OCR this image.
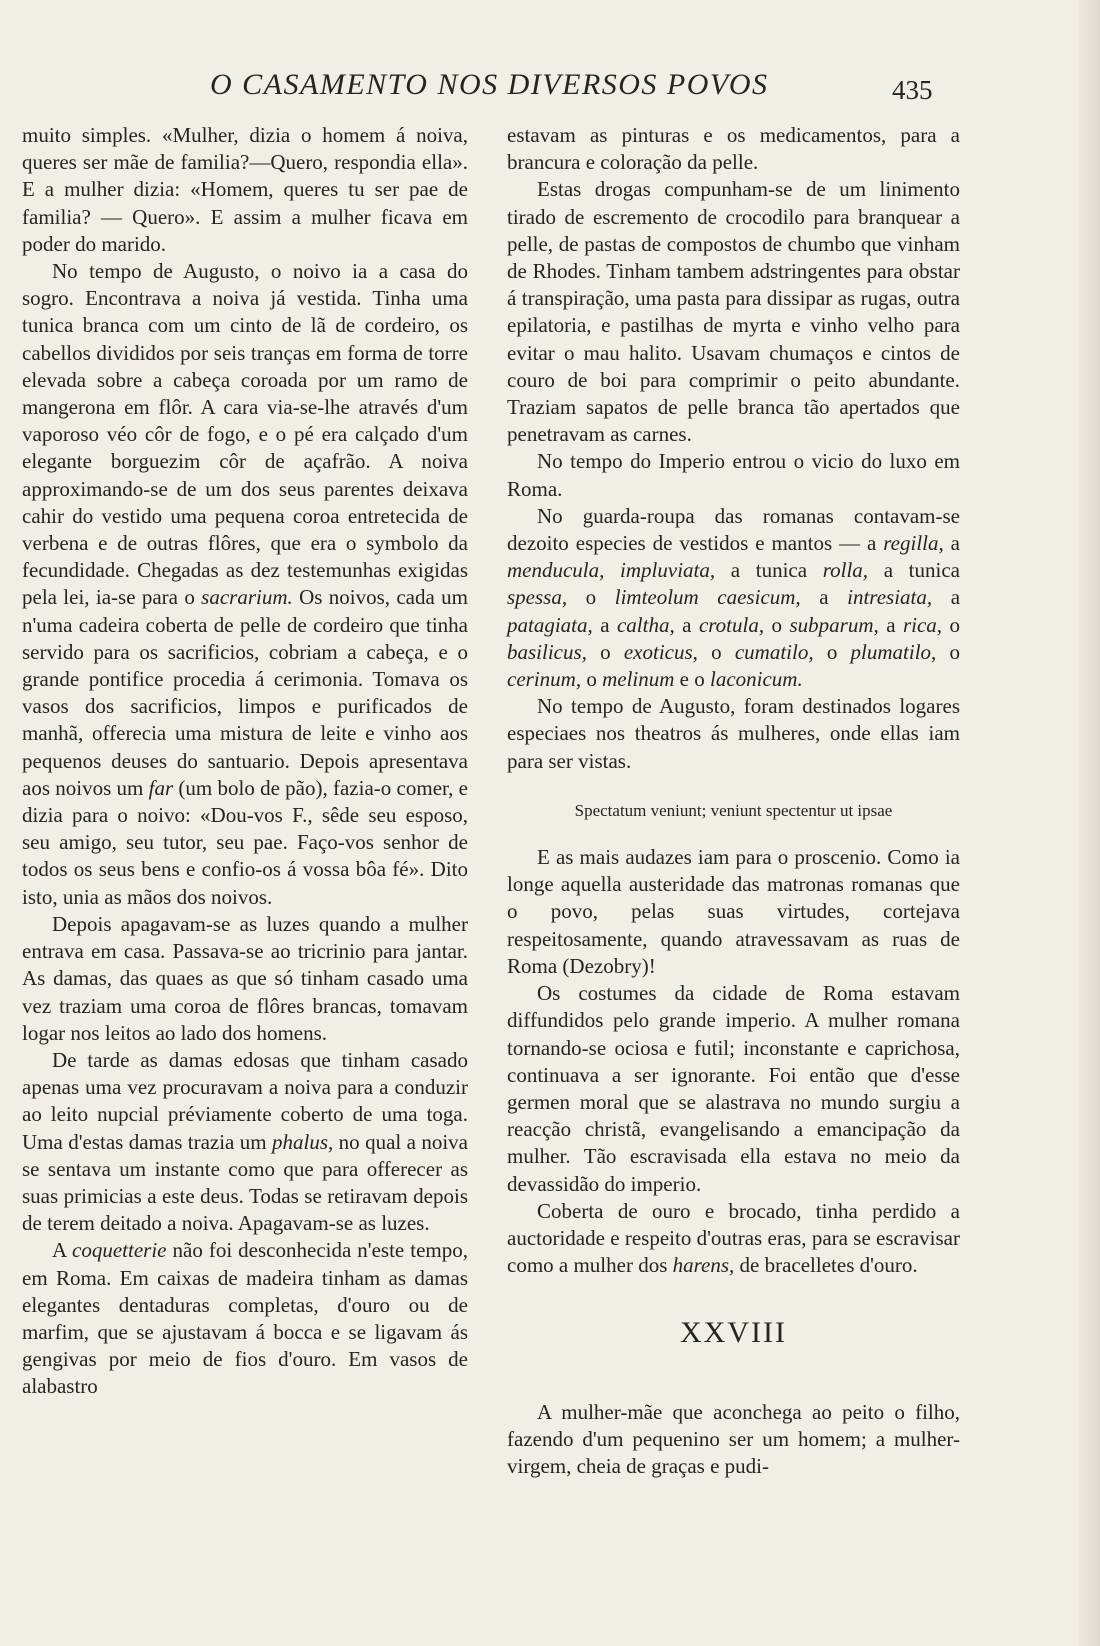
O CASAMENTO NOS DIVERSOS POVOS	435

muito simples. «Mulher, dizia o homem á noiva, queres ser mãe de familia?—Quero, respondia ella». E a mulher dizia: «Homem, queres tu ser pae de familia? — Quero». E assim a mulher ficava em poder do marido.

No tempo de Augusto, o noivo ia a casa do sogro. Encontrava a noiva já vestida. Tinha uma tunica branca com um cinto de lã de cordeiro, os cabellos divididos por seis tranças em forma de torre elevada sobre a cabeça coroada por um ramo de mangerona em flôr. A cara via-se-lhe através d'um vaporoso véo côr de fogo, e o pé era calçado d'um elegante borguezim côr de açafrão. A noiva approximando-se de um dos seus parentes deixava cahir do vestido uma pequena coroa entretecida de verbena e de outras flôres, que era o symbolo da fecundidade. Chegadas as dez testemunhas exigidas pela lei, ia-se para o sacrarium. Os noivos, cada um n'uma cadeira coberta de pelle de cordeiro que tinha servido para os sacrificios, cobriam a cabeça, e o grande pontifice procedia á cerimonia. Tomava os vasos dos sacrificios, limpos e purificados de manhã, offerecia uma mistura de leite e vinho aos pequenos deuses do santuario. Depois apresentava aos noivos um far (um bolo de pão), fazia-o comer, e dizia para o noivo: «Dou-vos F., sêde seu esposo, seu amigo, seu tutor, seu pae. Faço-vos senhor de todos os seus bens e confio-os á vossa bôa fé». Dito isto, unia as mãos dos noivos.

Depois apagavam-se as luzes quando a mulher entrava em casa. Passava-se ao tricrinio para jantar. As damas, das quaes as que só tinham casado uma vez traziam uma coroa de flôres brancas, tomavam logar nos leitos ao lado dos homens.

De tarde as damas edosas que tinham casado apenas uma vez procuravam a noiva para a conduzir ao leito nupcial préviamente coberto de uma toga. Uma d'estas damas trazia um phalus, no qual a noiva se sentava um instante como que para offerecer as suas primicias a este deus. Todas se retiravam depois de terem deitado a noiva. Apagavam-se as luzes.

A coquetterie não foi desconhecida n'este tempo, em Roma. Em caixas de madeira tinham as damas elegantes dentaduras completas, d'ouro ou de marfim, que se ajustavam á bocca e se ligavam ás gengivas por meio de fios d'ouro. Em vasos de alabastro

estavam as pinturas e os medicamentos, para a brancura e coloração da pelle.

Estas drogas compunham-se de um linimento tirado de escremento de crocodilo para branquear a pelle, de pastas de compostos de chumbo que vinham de Rhodes. Tinham tambem adstringentes para obstar á transpiração, uma pasta para dissipar as rugas, outra epilatoria, e pastilhas de myrta e vinho velho para evitar o mau halito. Usavam chumaços e cintos de couro de boi para comprimir o peito abundante. Traziam sapatos de pelle branca tão apertados que penetravam as carnes.

No tempo do Imperio entrou o vicio do luxo em Roma.

No guarda-roupa das romanas contavam-se dezoito especies de vestidos e mantos — a regilla, a menducula, impluviata, a tunica rolla, a tunica spessa, o limteolum caesicum, a intresiata, a patagiata, a caltha, a crotula, o subparum, a rica, o basilicus, o exoticus, o cumatilo, o plumatilo, o cerinum, o melinum e o laconicum.

No tempo de Augusto, foram destinados logares especiaes nos theatros ás mulheres, onde ellas iam para ser vistas.

Spectatum veniunt; veniunt spectentur ut ipsae

E as mais audazes iam para o proscenio. Como ia longe aquella austeridade das matronas romanas que o povo, pelas suas virtudes, cortejava respeitosamente, quando atravessavam as ruas de Roma (Dezobry)!

Os costumes da cidade de Roma estavam diffundidos pelo grande imperio. A mulher romana tornando-se ociosa e futil; inconstante e caprichosa, continuava a ser ignorante. Foi então que d'esse germen moral que se alastrava no mundo surgiu a reacção christã, evangelisando a emancipação da mulher. Tão escravisada ella estava no meio da devassidão do imperio.

Coberta de ouro e brocado, tinha perdido a auctoridade e respeito d'outras eras, para se escravisar como a mulher dos harens, de bracelletes d'ouro.

XXVIII

A mulher-mãe que aconchega ao peito o filho, fazendo d'um pequenino ser um homem; a mulher-virgem, cheia de graças e pudi-
